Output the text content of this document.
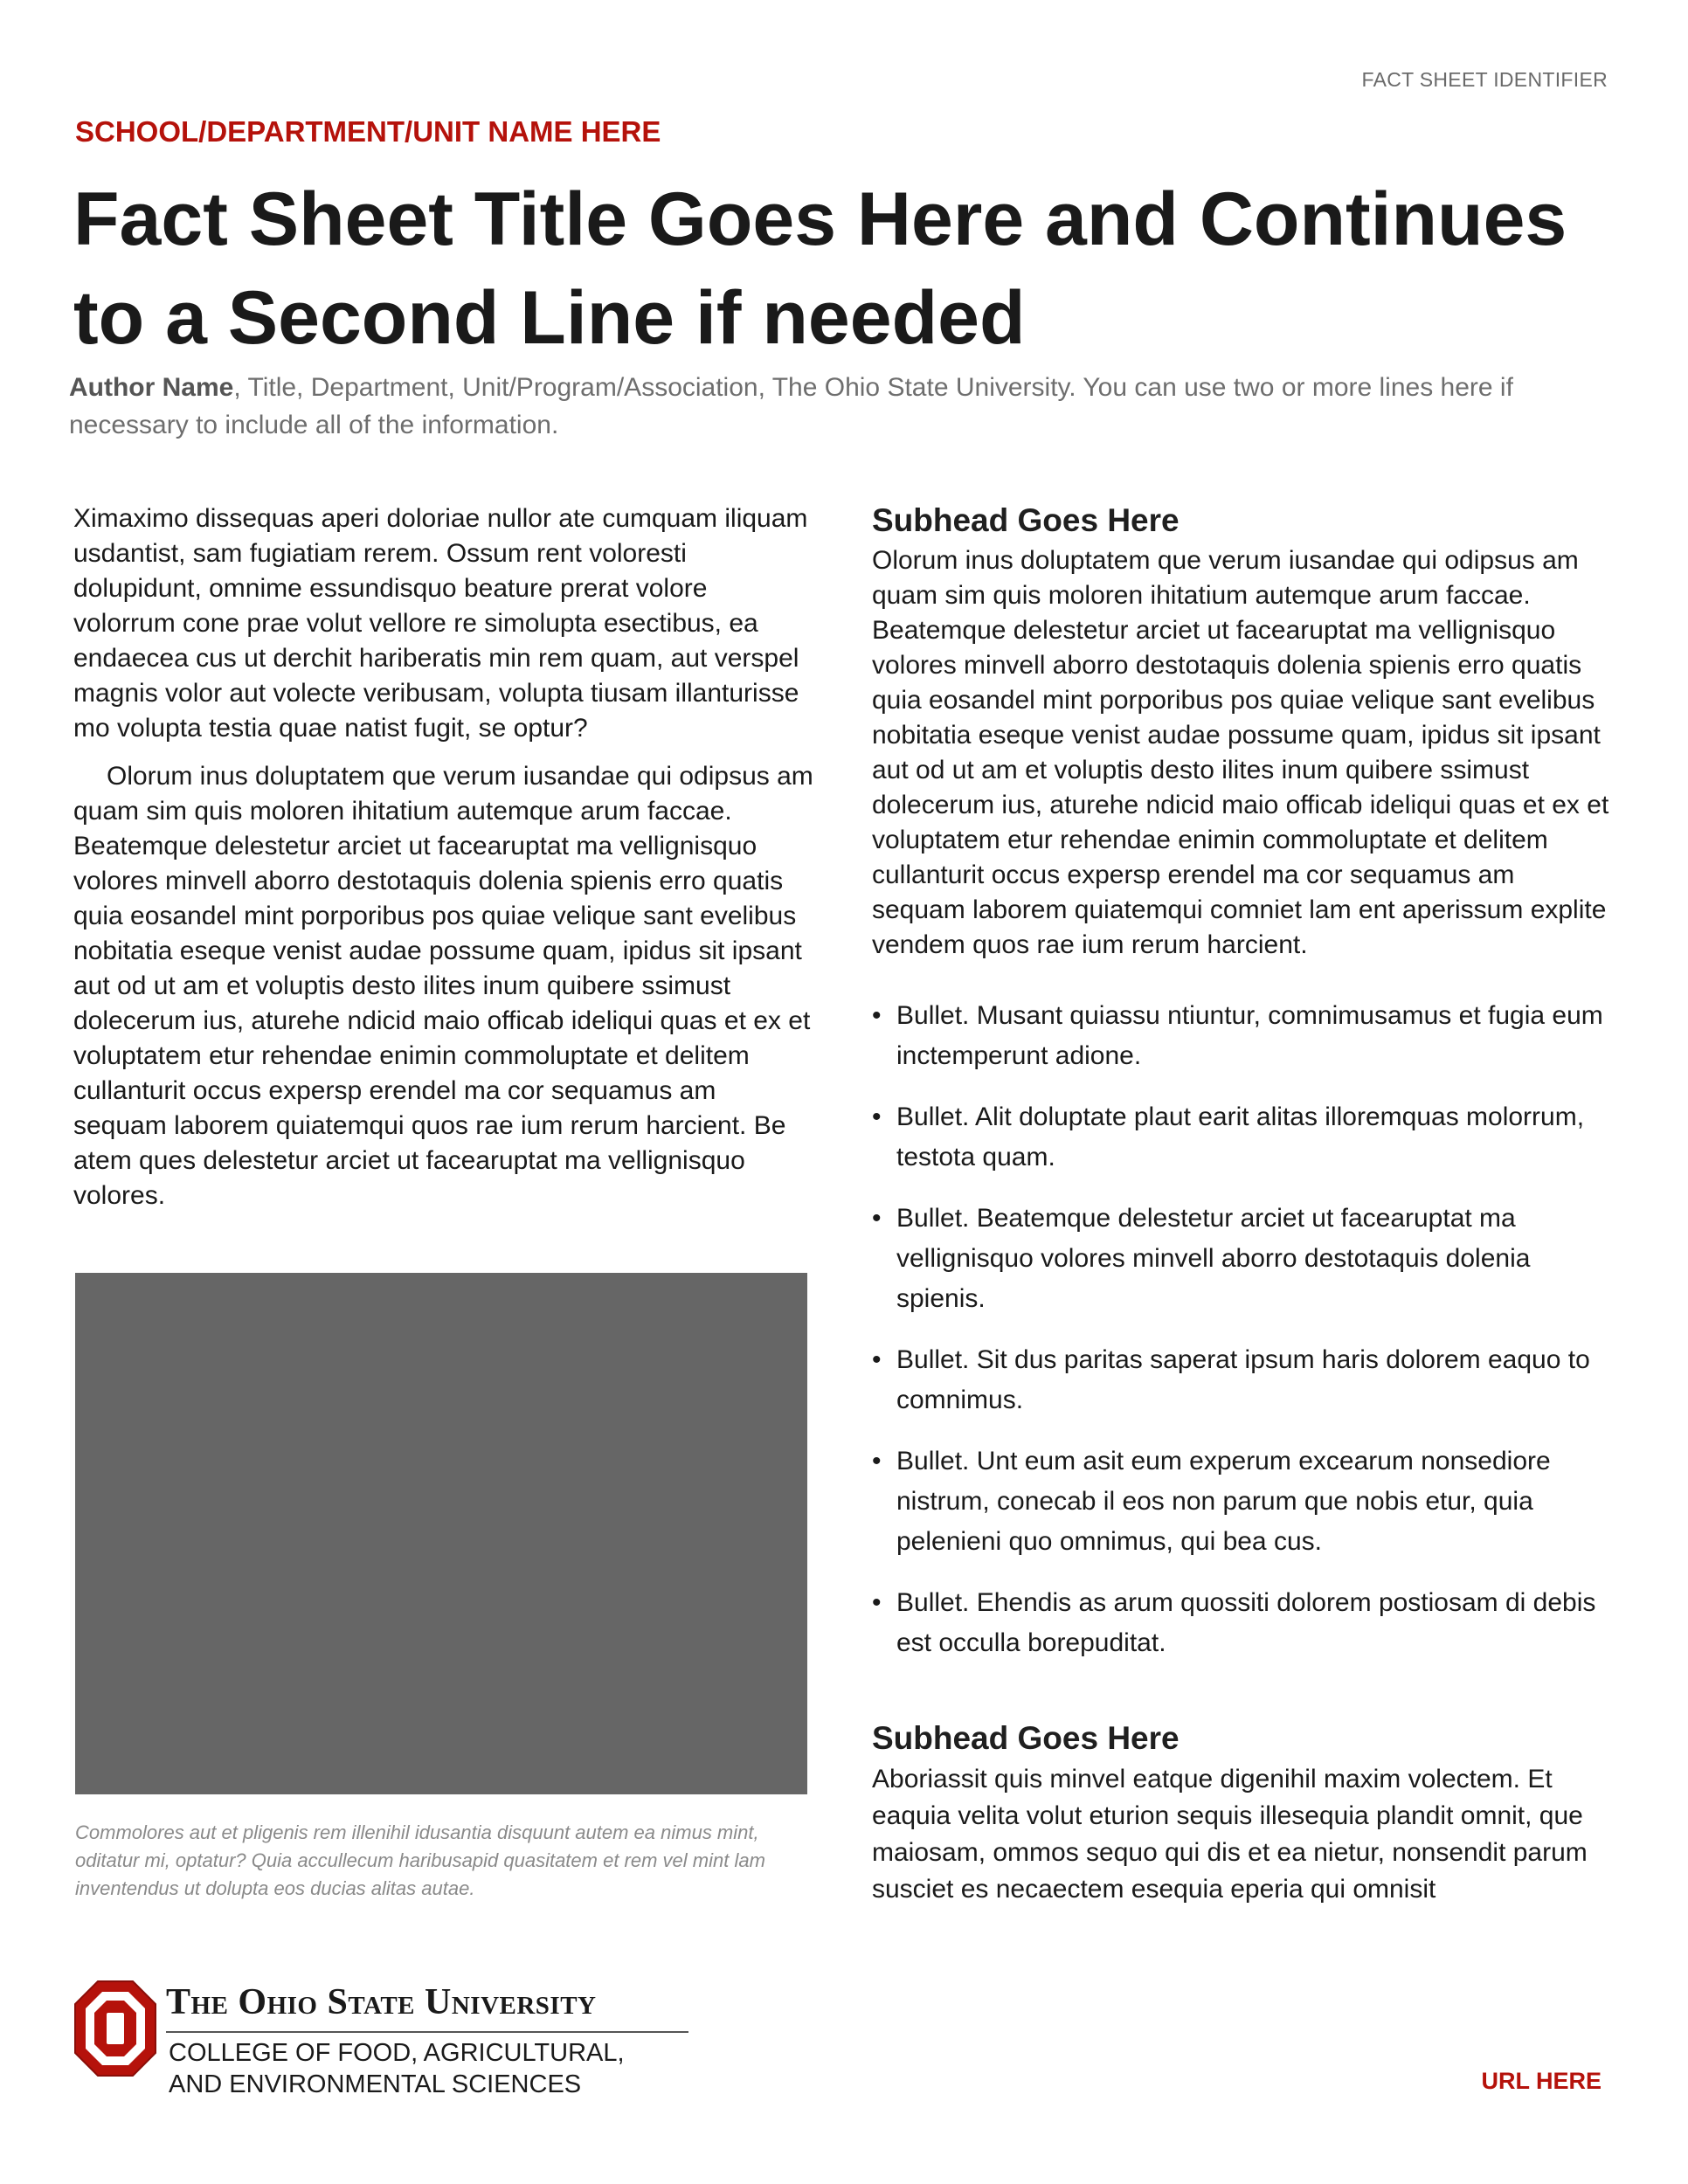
FACT SHEET IDENTIFIER
SCHOOL/DEPARTMENT/UNIT NAME HERE
Fact Sheet Title Goes Here and Continues to a Second Line if needed
Author Name, Title, Department, Unit/Program/Association, The Ohio State University. You can use two or more lines here if necessary to include all of the information.

Ximaximo dissequas aperi doloriae nullor ate cumquam iliquam usdantist, sam fugiatiam rerem. Ossum rent voloresti dolupidunt, omnime essundisquo beature prerat volore volorrum cone prae volut vellore re simolupta esectibus, ea endaecea cus ut derchit hariberatis min rem quam, aut verspel magnis volor aut volecte veribusam, volupta tiusam illanturisse mo volupta testia quae natist fugit, se optur?

Olorum inus doluptatem que verum iusandae qui odipsus am quam sim quis moloren ihitatium autemque arum faccae. Beatemque delestetur arciet ut facearuptat ma vellignisquo volores minvell aborro destotaquis dolenia spienis erro quatis quia eosandel mint porporibus pos quiae velique sant evelibus nobitatia eseque venist audae possume quam, ipidus sit ipsant aut od ut am et voluptis desto ilites inum quibere ssimust dolecerum ius, aturehe ndicid maio officab ideliqui quas et ex et voluptatem etur rehendae enimin commoluptate et delitem cullanturit occus expersp erendel ma cor sequamus am sequam laborem quiatemqui quos rae ium rerum harcient. Be atem ques delestetur arciet ut facearuptat ma vellignisquo volores.

Commolores aut et pligenis rem illenihil idusantia disquunt autem ea nimus mint, oditatur mi, optatur? Quia accullecum haribusapid quasitatem et rem vel mint lam inventendus ut dolupta eos ducias alitas autae.
Subhead Goes Here

Olorum inus doluptatem que verum iusandae qui odipsus am quam sim quis moloren ihitatium autemque arum faccae. Beatemque delestetur arciet ut facearuptat ma vellignisquo volores minvell aborro destotaquis dolenia spienis erro quatis quia eosandel mint porporibus pos quiae velique sant evelibus nobitatia eseque venist audae possume quam, ipidus sit ipsant aut od ut am et voluptis desto ilites inum quibere ssimust dolecerum ius, aturehe ndicid maio officab ideliqui quas et ex et voluptatem etur rehendae enimin commoluptate et delitem cullanturit occus expersp erendel ma cor sequamus am sequam laborem quiatemqui comniet lam ent aperissum explite vendem quos rae ium rerum harcient.

• Bullet. Musant quiassu ntiuntur, comnimusamus et fugia eum inctemperunt adione.
• Bullet. Alit doluptate plaut earit alitas illoremquas molorrum, testota quam.
• Bullet. Beatemque delestetur arciet ut facearuptat ma vellignisquo volores minvell aborro destotaquis dolenia spienis.
• Bullet. Sit dus paritas saperat ipsum haris dolorem eaquo to comnimus.
• Bullet. Unt eum asit eum experum excearum nonsediore nistrum, conecab il eos non parum que nobis etur, quia pelenieni quo omnimus, qui bea cus.
• Bullet. Ehendis as arum quossiti dolorem postiosam di debis est occulla borepuditat.
Subhead Goes Here

Aboriassit quis minvel eatque digenihil maxim volectem. Et eaquia velita volut eturion sequis illesequia plandit omnit, que maiosam, ommos sequo qui dis et ea nietur, nonsendit parum susciet es necaectem esequia eperia qui omnisit

The Ohio State University
COLLEGE OF FOOD, AGRICULTURAL,
AND ENVIRONMENTAL SCIENCES	URL HERE
